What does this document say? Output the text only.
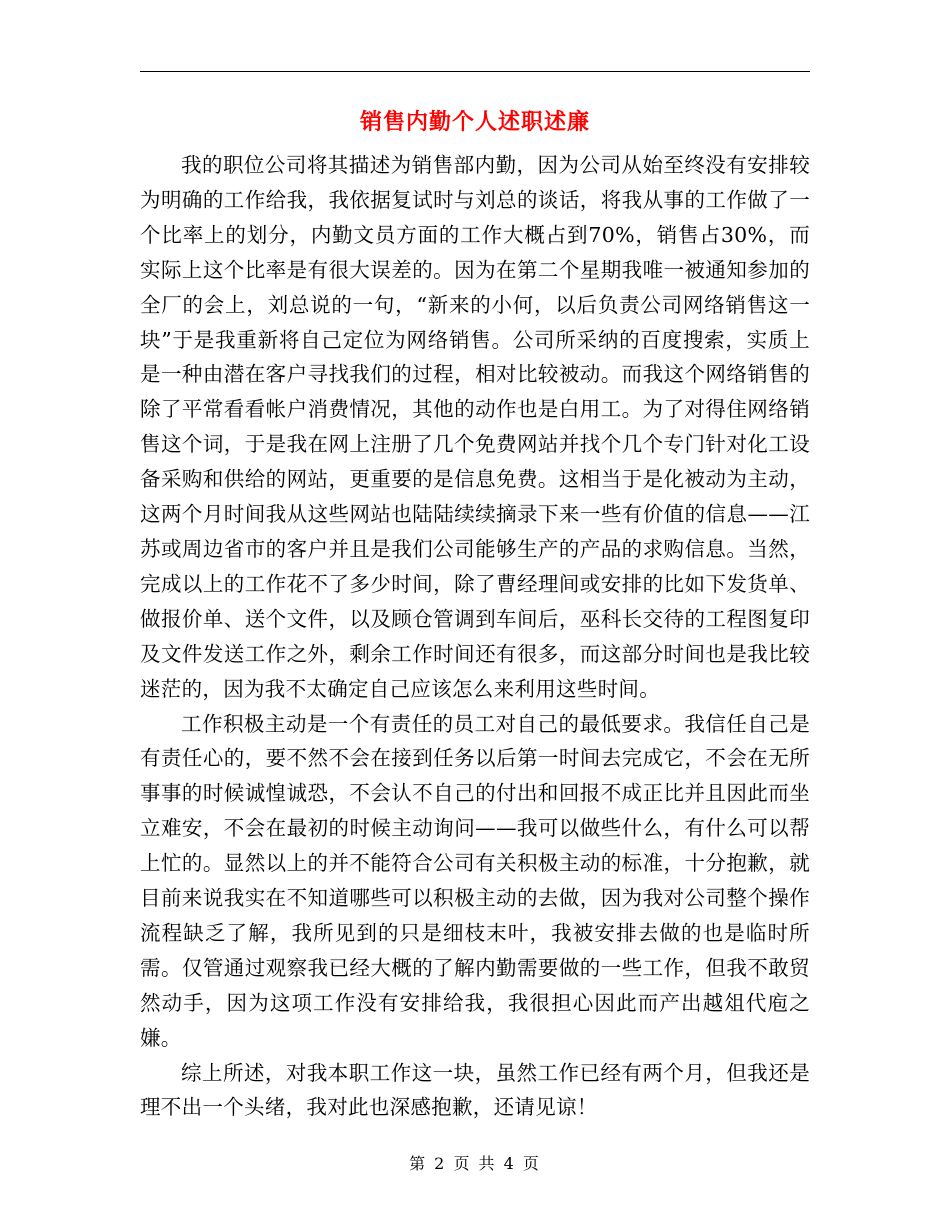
销售内勤个人述职述廉

我的职位公司将其描述为销售部内勤，因为公司从始至终没有安排较为明确的工作给我，我依据复试时与刘总的谈话，将我从事的工作做了一个比率上的划分，内勤文员方面的工作大概占到70%，销售占30%，而实际上这个比率是有很大误差的。因为在第二个星期我唯一被通知参加的全厂的会上，刘总说的一句，“新来的小何，以后负责公司网络销售这一块”于是我重新将自己定位为网络销售。公司所采纳的百度搜索，实质上是一种由潜在客户寻找我们的过程，相对比较被动。而我这个网络销售的除了平常看看帐户消费情况，其他的动作也是白用工。为了对得住网络销售这个词，于是我在网上注册了几个免费网站并找个几个专门针对化工设备采购和供给的网站，更重要的是信息免费。这相当于是化被动为主动，这两个月时间我从这些网站也陆陆续续摘录下来一些有价值的信息——江苏或周边省市的客户并且是我们公司能够生产的产品的求购信息。当然，完成以上的工作花不了多少时间，除了曹经理间或安排的比如下发货单、做报价单、送个文件，以及顾仓管调到车间后，巫科长交待的工程图复印及文件发送工作之外，剩余工作时间还有很多，而这部分时间也是我比较迷茫的，因为我不太确定自己应该怎么来利用这些时间。

工作积极主动是一个有责任的员工对自己的最低要求。我信任自己是有责任心的，要不然不会在接到任务以后第一时间去完成它，不会在无所事事的时候诚惶诚恐，不会认不自己的付出和回报不成正比并且因此而坐立难安，不会在最初的时候主动询问——我可以做些什么，有什么可以帮上忙的。显然以上的并不能符合公司有关积极主动的标准，十分抱歉，就目前来说我实在不知道哪些可以积极主动的去做，因为我对公司整个操作流程缺乏了解，我所见到的只是细枝末叶，我被安排去做的也是临时所需。仅管通过观察我已经大概的了解内勤需要做的一些工作，但我不敢贸然动手，因为这项工作没有安排给我，我很担心因此而产出越俎代庖之嫌。

综上所述，对我本职工作这一块，虽然工作已经有两个月，但我还是理不出一个头绪，我对此也深感抱歉，还请见谅！

第 2 页 共 4 页
